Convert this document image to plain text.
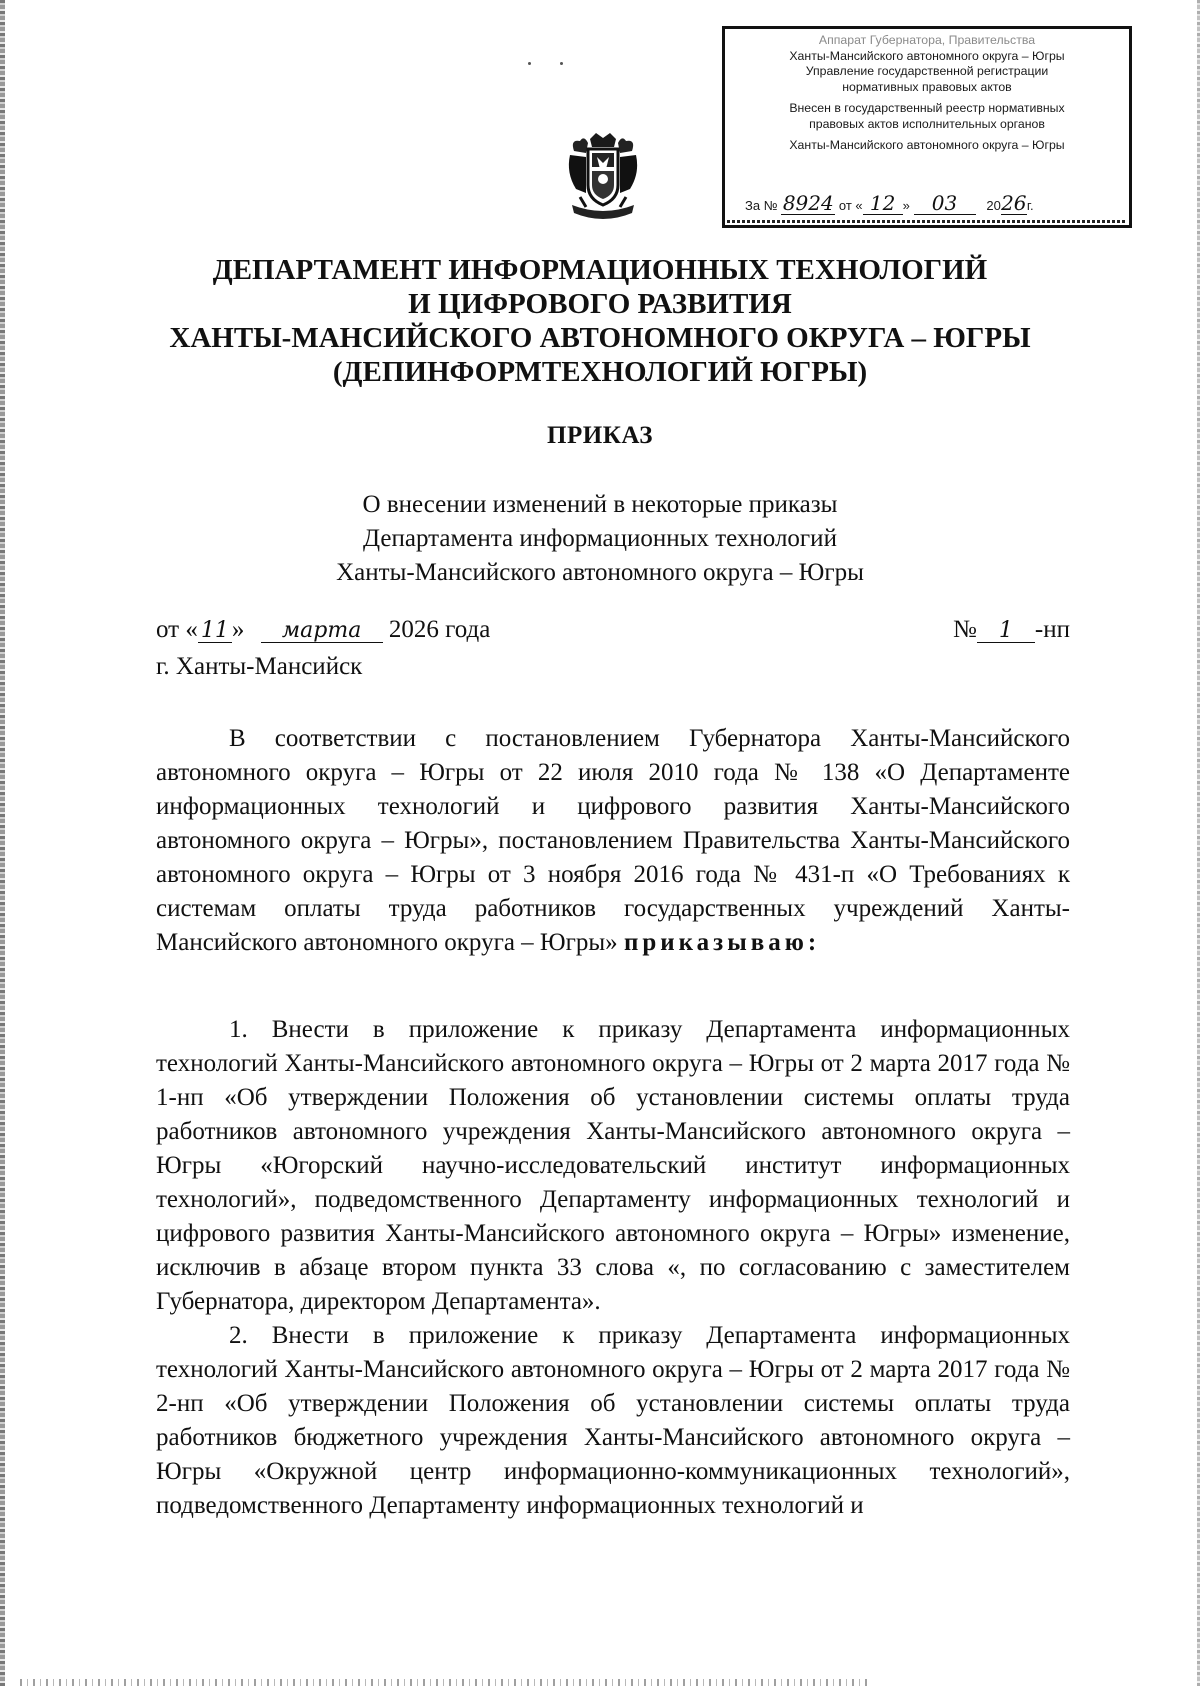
Аппарат Губернатора, Правительства
Ханты-Мансийского автономного округа – Югры
Управление государственной регистрации
нормативных правовых актов
Внесен в государственный реестр нормативных
правовых актов исполнительных органов
Ханты-Мансийского автономного округа – Югры
За № 8924 от « 12 » 03 2026г.
ДЕПАРТАМЕНТ ИНФОРМАЦИОННЫХ ТЕХНОЛОГИЙ
И ЦИФРОВОГО РАЗВИТИЯ
ХАНТЫ-МАНСИЙСКОГО АВТОНОМНОГО ОКРУГА – ЮГРЫ
(ДЕПИНФОРМТЕХНОЛОГИЙ ЮГРЫ)
ПРИКАЗ
О внесении изменений в некоторые приказы
Департамента информационных технологий
Ханты-Мансийского автономного округа – Югры
от « 11 » марта 2026 года	№ 1 -нп
г. Ханты-Мансийск

В соответствии с постановлением Губернатора Ханты-Мансийского автономного округа – Югры от 22 июля 2010 года № 138 «О Департаменте информационных технологий и цифрового развития Ханты-Мансийского автономного округа – Югры», постановлением Правительства Ханты-Мансийского автономного округа – Югры от 3 ноября 2016 года № 431-п «О Требованиях к системам оплаты труда работников государственных учреждений Ханты-Мансийского автономного округа – Югры» приказываю:

1. Внести в приложение к приказу Департамента информационных технологий Ханты-Мансийского автономного округа – Югры от 2 марта 2017 года № 1-нп «Об утверждении Положения об установлении системы оплаты труда работников автономного учреждения Ханты-Мансийского автономного округа – Югры «Югорский научно-исследовательский институт информационных технологий», подведомственного Департаменту информационных технологий и цифрового развития Ханты-Мансийского автономного округа – Югры» изменение, исключив в абзаце втором пункта 33 слова «, по согласованию с заместителем Губернатора, директором Департамента».

2. Внести в приложение к приказу Департамента информационных технологий Ханты-Мансийского автономного округа – Югры от 2 марта 2017 года № 2-нп «Об утверждении Положения об установлении системы оплаты труда работников бюджетного учреждения Ханты-Мансийского автономного округа – Югры «Окружной центр информационно-коммуникационных технологий», подведомственного Департаменту информационных технологий и
